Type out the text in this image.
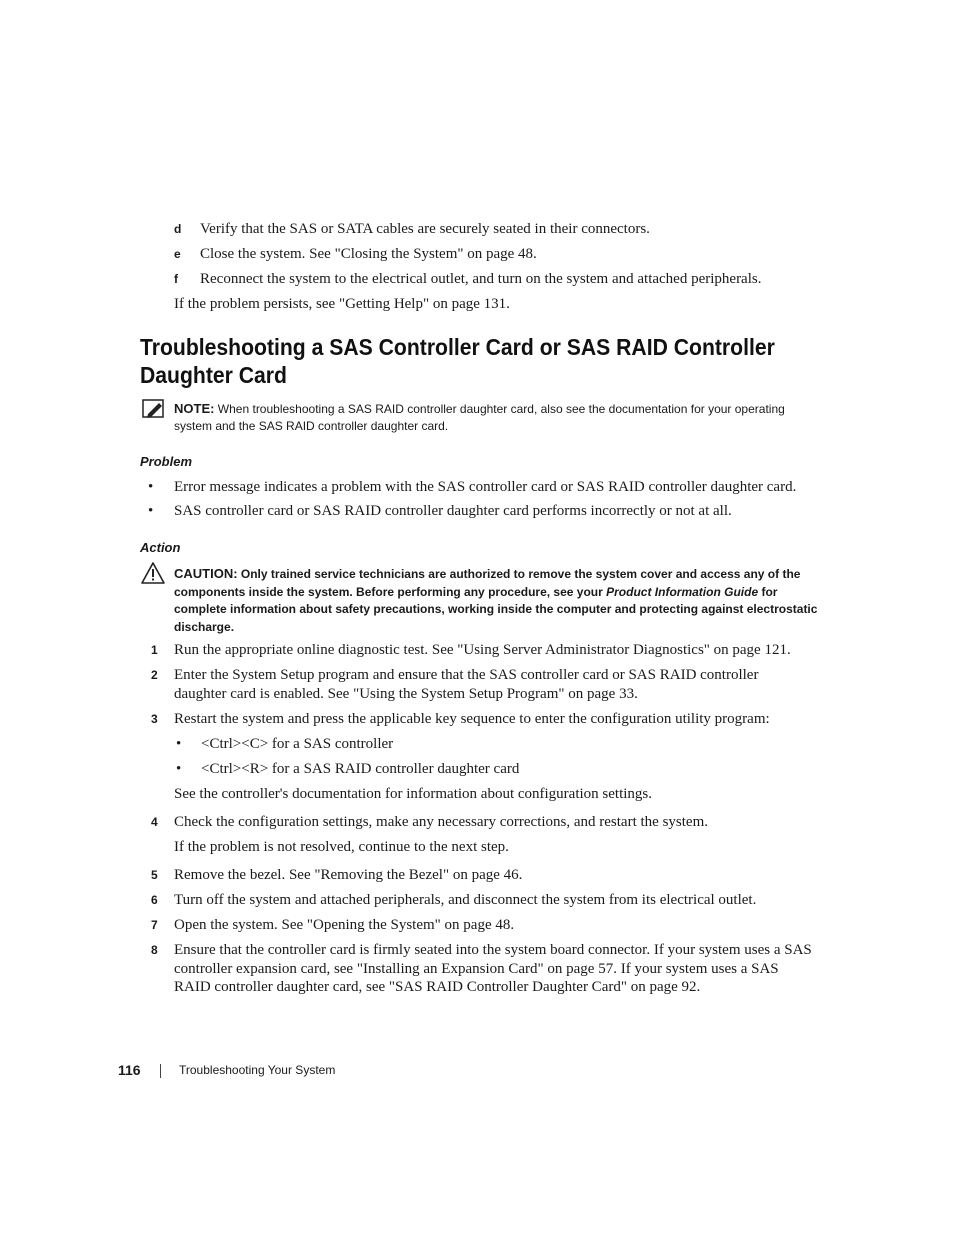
d Verify that the SAS or SATA cables are securely seated in their connectors.
e Close the system. See "Closing the System" on page 48.
f Reconnect the system to the electrical outlet, and turn on the system and attached peripherals.
If the problem persists, see "Getting Help" on page 131.
Troubleshooting a SAS Controller Card or SAS RAID Controller Daughter Card
NOTE: When troubleshooting a SAS RAID controller daughter card, also see the documentation for your operating system and the SAS RAID controller daughter card.
Problem
• Error message indicates a problem with the SAS controller card or SAS RAID controller daughter card.
• SAS controller card or SAS RAID controller daughter card performs incorrectly or not at all.
Action
CAUTION: Only trained service technicians are authorized to remove the system cover and access any of the components inside the system. Before performing any procedure, see your Product Information Guide for complete information about safety precautions, working inside the computer and protecting against electrostatic discharge.
1 Run the appropriate online diagnostic test. See "Using Server Administrator Diagnostics" on page 121.
2 Enter the System Setup program and ensure that the SAS controller card or SAS RAID controller daughter card is enabled. See "Using the System Setup Program" on page 33.
3 Restart the system and press the applicable key sequence to enter the configuration utility program:
• <Ctrl><C> for a SAS controller
• <Ctrl><R> for a SAS RAID controller daughter card
See the controller's documentation for information about configuration settings.
4 Check the configuration settings, make any necessary corrections, and restart the system.
If the problem is not resolved, continue to the next step.
5 Remove the bezel. See "Removing the Bezel" on page 46.
6 Turn off the system and attached peripherals, and disconnect the system from its electrical outlet.
7 Open the system. See "Opening the System" on page 48.
8 Ensure that the controller card is firmly seated into the system board connector. If your system uses a SAS controller expansion card, see "Installing an Expansion Card" on page 57. If your system uses a SAS RAID controller daughter card, see "SAS RAID Controller Daughter Card" on page 92.
116	Troubleshooting Your System
